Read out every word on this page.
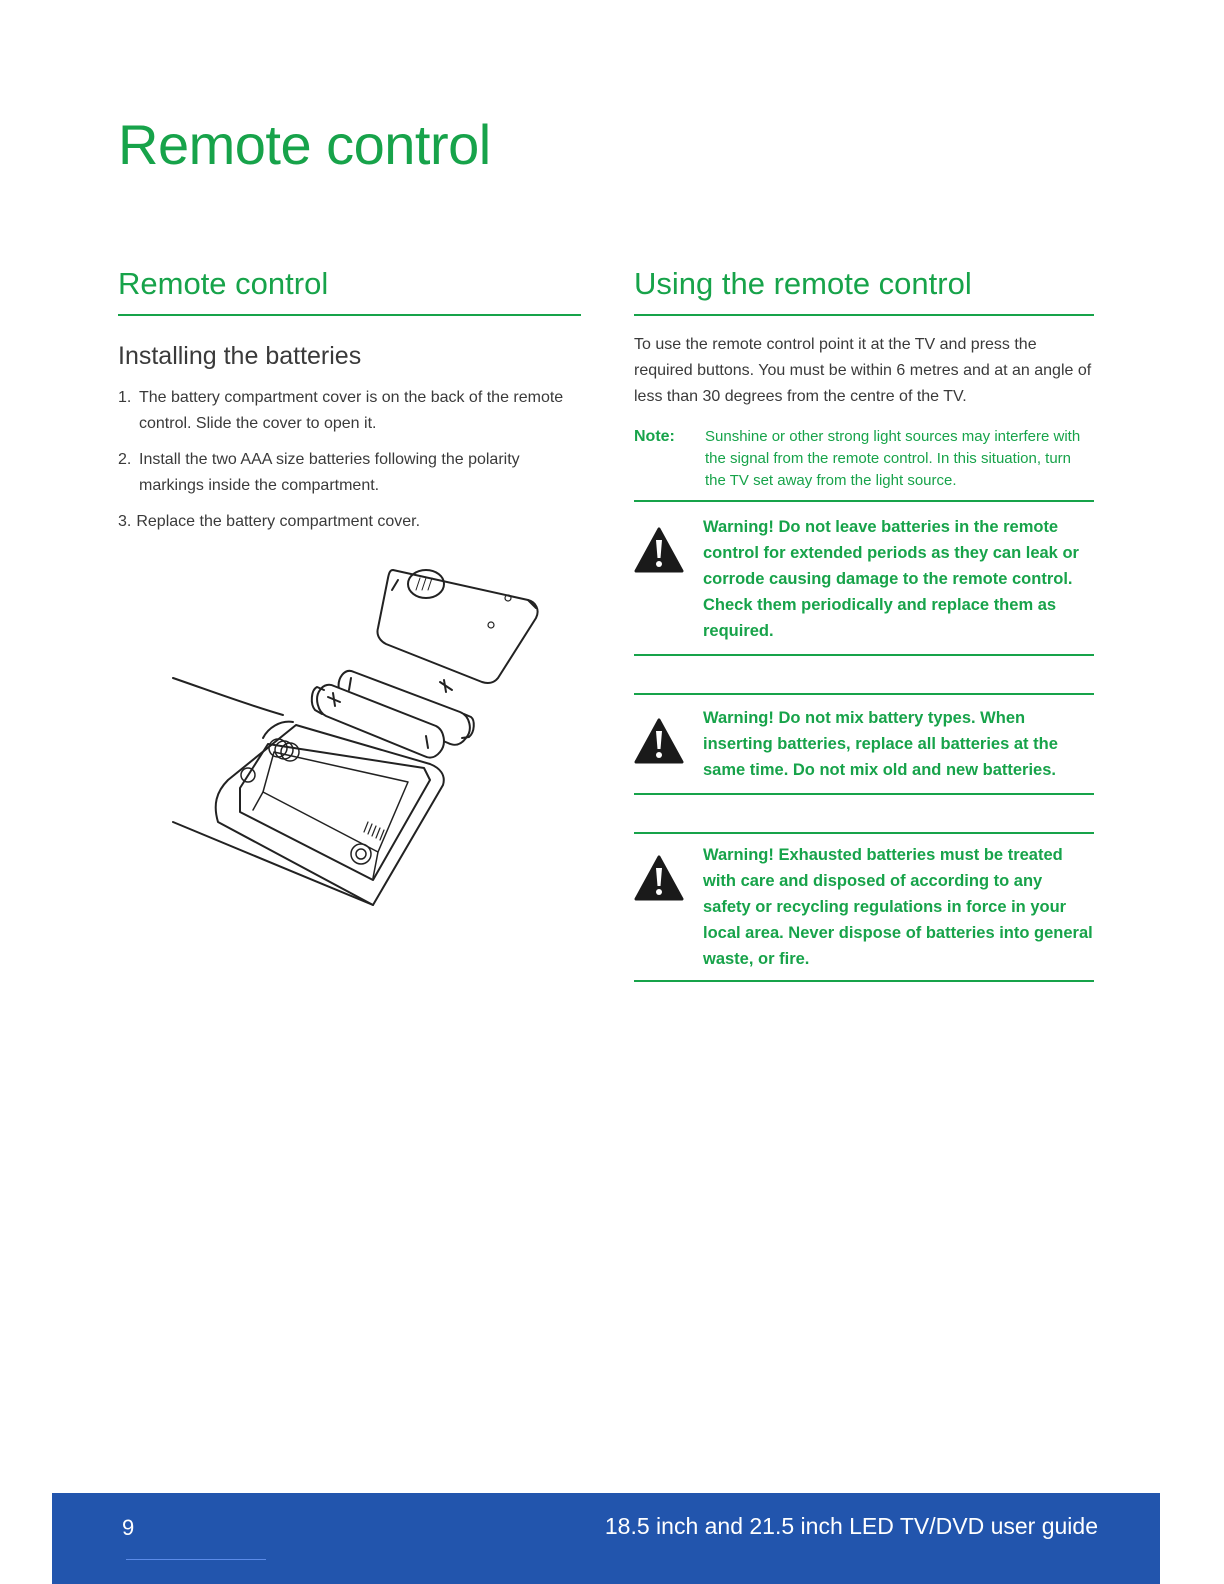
Remote control
Remote control
Installing the batteries
1. The battery compartment cover is on the back of the remote control. Slide the cover to open it.
2. Install the two AAA size batteries following the polarity markings inside the compartment.
3. Replace the battery compartment cover.
Using the remote control

To use the remote control point it at the TV and press the required buttons. You must be within 6 metres and at an angle of less than 30 degrees from the centre of the TV.

Note:	Sunshine or other strong light sources may interfere with the signal from the remote control. In this situation, turn the TV set away from the light source.
Warning! Do not leave batteries in the remote control for extended periods as they can leak or corrode causing damage to the remote control. Check them periodically and replace them as required.
Warning! Do not mix battery types. When inserting batteries, replace all batteries at the same time. Do not mix old and new batteries.
Warning! Exhausted batteries must be treated with care and disposed of according to any safety or recycling regulations in force in your local area. Never dispose of batteries into general waste, or fire.
9	18.5 inch and 21.5 inch LED TV/DVD user guide
